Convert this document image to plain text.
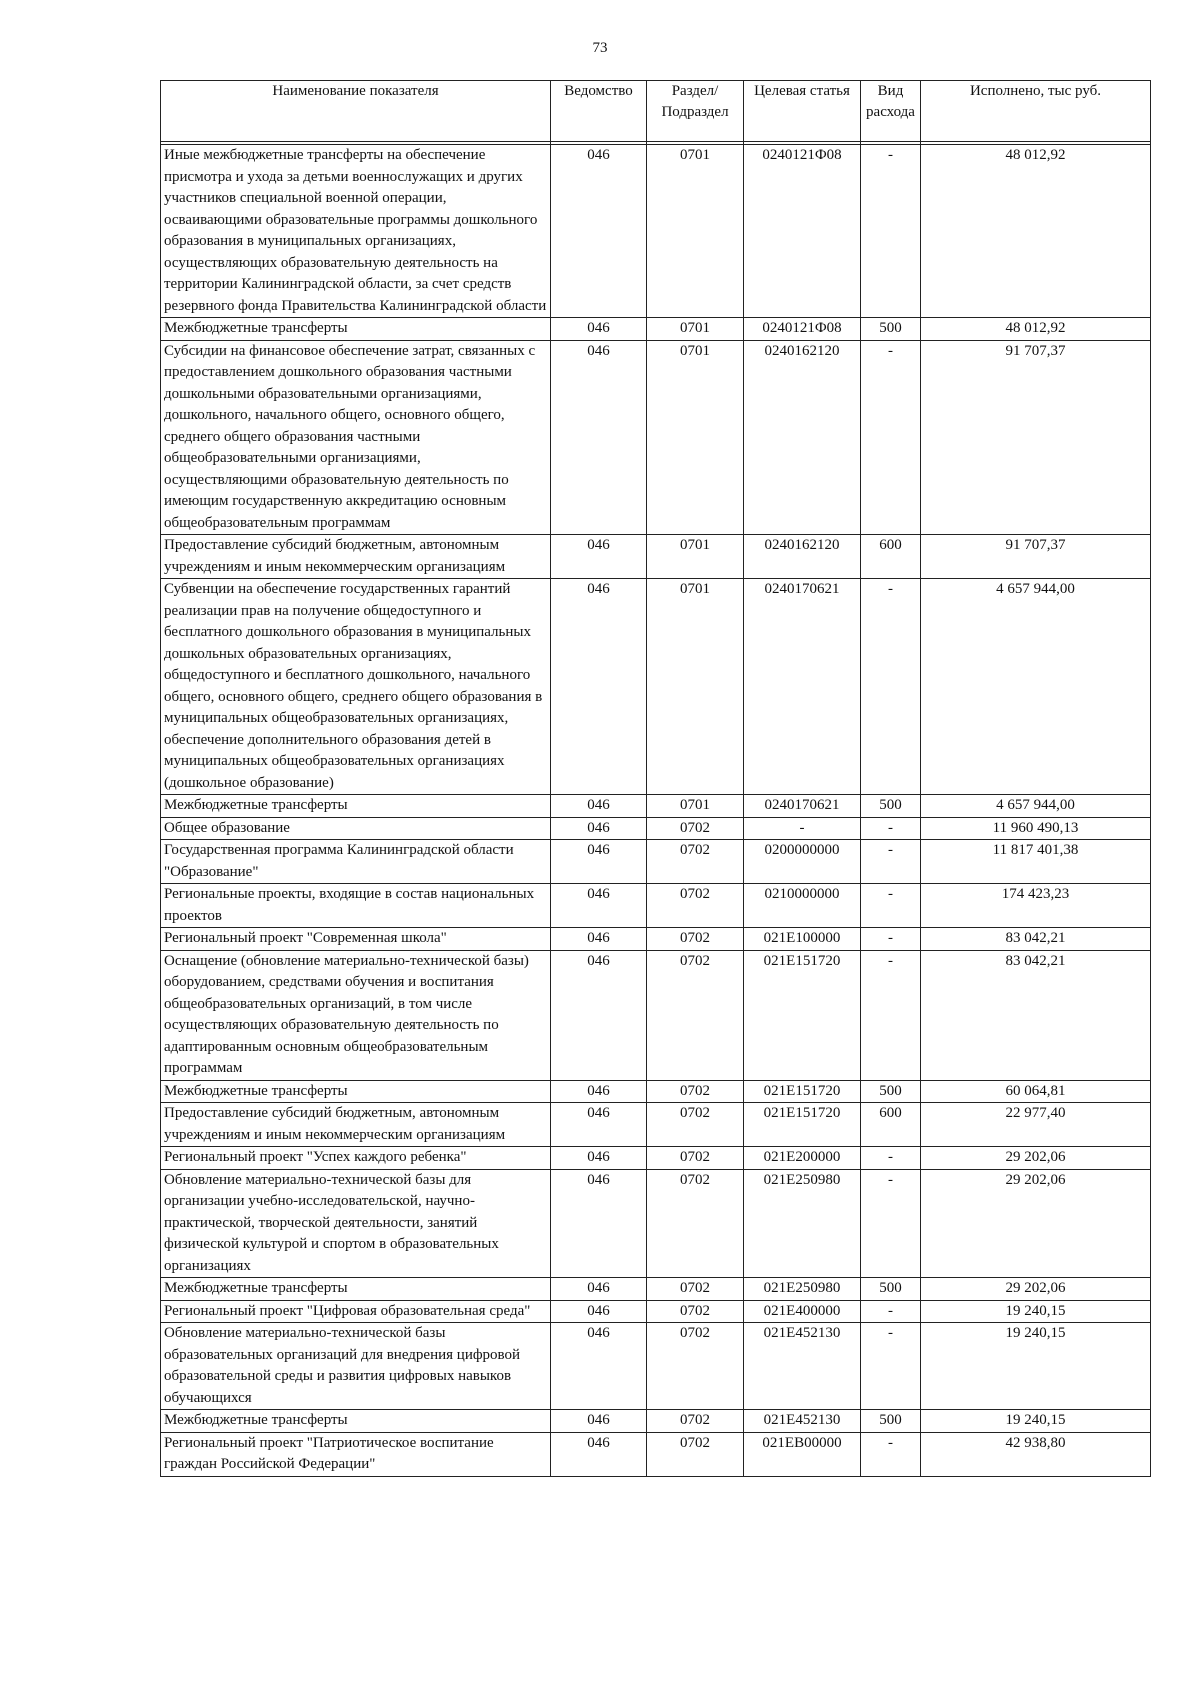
73
Наименование показателя	Ведомство	Раздел/ Подраздел	Целевая статья	Вид расхода	Исполнено, тыс руб.

Иные межбюджетные трансферты на обеспечение присмотра и ухода за детьми военнослужащих и других участников специальной военной операции, осваивающими образовательные программы дошкольного образования в муниципальных организациях, осуществляющих образовательную деятельность на территории Калининградской области, за счет средств резервного фонда Правительства Калининградской области	046	0701	0240121Ф08	-	48 012,92
Межбюджетные трансферты	046	0701	0240121Ф08	500	48 012,92
Субсидии на финансовое обеспечение затрат, связанных с предоставлением дошкольного образования частными дошкольными образовательными организациями, дошкольного, начального общего, основного общего, среднего общего образования частными общеобразовательными организациями, осуществляющими образовательную деятельность по имеющим государственную аккредитацию основным общеобразовательным программам	046	0701	0240162120	-	91 707,37
Предоставление субсидий бюджетным, автономным учреждениям и иным некоммерческим организациям	046	0701	0240162120	600	91 707,37
Субвенции на обеспечение государственных гарантий реализации прав на получение общедоступного и бесплатного дошкольного образования в муниципальных дошкольных образовательных организациях, общедоступного и бесплатного дошкольного, начального общего, основного общего, среднего общего образования в муниципальных общеобразовательных организациях, обеспечение дополнительного образования детей в муниципальных общеобразовательных организациях (дошкольное образование)	046	0701	0240170621	-	4 657 944,00
Межбюджетные трансферты	046	0701	0240170621	500	4 657 944,00
Общее образование	046	0702	-	-	11 960 490,13
Государственная программа Калининградской области "Образование"	046	0702	0200000000	-	11 817 401,38
Региональные проекты, входящие в состав национальных проектов	046	0702	0210000000	-	174 423,23
Региональный проект "Современная школа"	046	0702	021E100000	-	83 042,21
Оснащение (обновление материально-технической базы) оборудованием, средствами обучения и воспитания общеобразовательных организаций, в том числе осуществляющих образовательную деятельность по адаптированным основным общеобразовательным программам	046	0702	021E151720	-	83 042,21
Межбюджетные трансферты	046	0702	021E151720	500	60 064,81
Предоставление субсидий бюджетным, автономным учреждениям и иным некоммерческим организациям	046	0702	021E151720	600	22 977,40
Региональный проект "Успех каждого ребенка"	046	0702	021E200000	-	29 202,06
Обновление материально-технической базы для организации учебно-исследовательской, научно-практической, творческой деятельности, занятий физической культурой и спортом в образовательных организациях	046	0702	021E250980	-	29 202,06
Межбюджетные трансферты	046	0702	021E250980	500	29 202,06
Региональный проект "Цифровая образовательная среда"	046	0702	021E400000	-	19 240,15
Обновление материально-технической базы образовательных организаций для внедрения цифровой образовательной среды и развития цифровых навыков обучающихся	046	0702	021E452130	-	19 240,15
Межбюджетные трансферты	046	0702	021E452130	500	19 240,15
Региональный проект "Патриотическое воспитание граждан Российской Федерации"	046	0702	021EB00000	-	42 938,80
